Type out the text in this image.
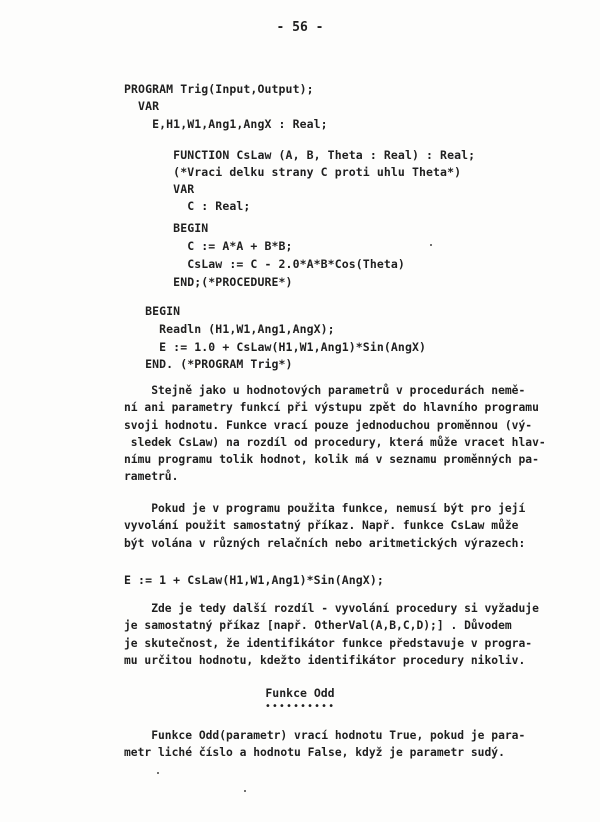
- 56 -
PROGRAM Trig(Input,Output);
VAR
E,H1,W1,Ang1,AngX : Real;
FUNCTION CsLaw (A, B, Theta : Real) : Real;
(*Vraci delku strany C proti uhlu Theta*)
VAR
C : Real;
BEGIN
C := A*A + B*B;
CsLaw := C - 2.0*A*B*Cos(Theta)
END;(*PROCEDURE*)
BEGIN
Readln (H1,W1,Ang1,AngX);
E := 1.0 + CsLaw(H1,W1,Ang1)*Sin(AngX)
END. (*PROGRAM Trig*)
Stejně jako u hodnotových parametrů v procedurách nemě-
ní ani parametry funkcí při výstupu zpět do hlavního programu
svoji hodnotu. Funkce vrací pouze jednoduchou proměnnou (vý-
sledek CsLaw) na rozdíl od procedury, která může vracet hlav-
nímu programu tolik hodnot, kolik má v seznamu proměnných pa-
rametrů.
Pokud je v programu použita funkce, nemusí být pro její
vyvolání použit samostatný příkaz. Např. funkce CsLaw může
být volána v různých relačních nebo aritmetických výrazech:
E := 1 + CsLaw(H1,W1,Ang1)*Sin(AngX);
Zde je tedy další rozdíl - vyvolání procedury si vyžaduje
je samostatný příkaz [např. OtherVal(A,B,C,D);] . Důvodem
je skutečnost, že identifikátor funkce představuje v progra-
mu určitou hodnotu, kdežto identifikátor procedury nikoliv.
Funkce Odd
••••••••••
Funkce Odd(parametr) vrací hodnotu True, pokud je para-
metr liché číslo a hodnotu False, když je parametr sudý.
